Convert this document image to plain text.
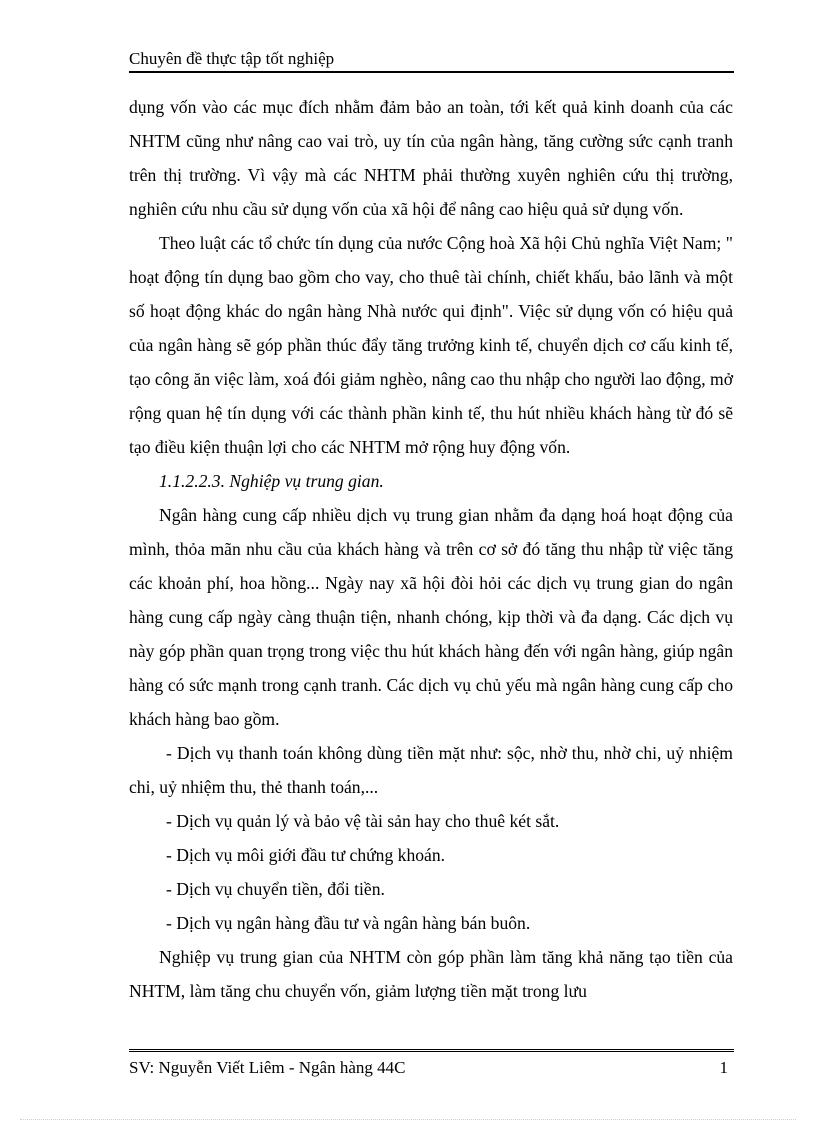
Chuyên đề thực tập tốt nghiệp

dụng vốn vào các mục đích nhằm đảm bảo an toàn, tới kết quả kinh doanh của các NHTM cũng như nâng cao vai trò, uy tín của ngân hàng, tăng cường sức cạnh tranh trên thị trường. Vì vậy mà các NHTM phải thường xuyên nghiên cứu thị trường, nghiên cứu nhu cầu sử dụng vốn của xã hội để nâng cao hiệu quả sử dụng vốn.

Theo luật các tổ chức tín dụng của nước Cộng hoà Xã hội Chủ nghĩa Việt Nam; " hoạt động tín dụng bao gồm cho vay, cho thuê tài chính, chiết khấu, bảo lãnh và một số hoạt động khác do ngân hàng Nhà nước qui định". Việc sử dụng vốn có hiệu quả của ngân hàng sẽ góp phần thúc đẩy tăng trưởng kinh tế, chuyển dịch cơ cấu kinh tế, tạo công ăn việc làm, xoá đói giảm nghèo, nâng cao thu nhập cho người lao động, mở rộng quan hệ tín dụng với các thành phần kinh tế, thu hút nhiều khách hàng từ đó sẽ tạo điều kiện thuận lợi cho các NHTM mở rộng huy động vốn.

1.1.2.2.3. Nghiệp vụ trung gian.

Ngân hàng cung cấp nhiều dịch vụ trung gian nhằm đa dạng hoá hoạt động của mình, thỏa mãn nhu cầu của khách hàng và trên cơ sở đó tăng thu nhập từ việc tăng các khoản phí, hoa hồng... Ngày nay xã hội đòi hỏi các dịch vụ trung gian do ngân hàng cung cấp ngày càng thuận tiện, nhanh chóng, kịp thời và đa dạng. Các dịch vụ này góp phần quan trọng trong việc thu hút khách hàng đến với ngân hàng, giúp ngân hàng có sức mạnh trong cạnh tranh. Các dịch vụ chủ yếu mà ngân hàng cung cấp cho khách hàng bao gồm.

- Dịch vụ thanh toán không dùng tiền mặt như: sộc, nhờ thu, nhờ chi, uỷ nhiệm chi, uỷ nhiệm thu, thẻ thanh toán,...

- Dịch vụ quản lý và bảo vệ tài sản hay cho thuê két sắt.

- Dịch vụ môi giới đầu tư chứng khoán.

- Dịch vụ chuyển tiền, đổi tiền.

- Dịch vụ ngân hàng đầu tư và ngân hàng bán buôn.

Nghiệp vụ trung gian của NHTM còn góp phần làm tăng khả năng tạo tiền của NHTM, làm tăng chu chuyển vốn, giảm lượng tiền mặt trong lưu

SV: Nguyễn Viết Liêm - Ngân hàng 44C	1
